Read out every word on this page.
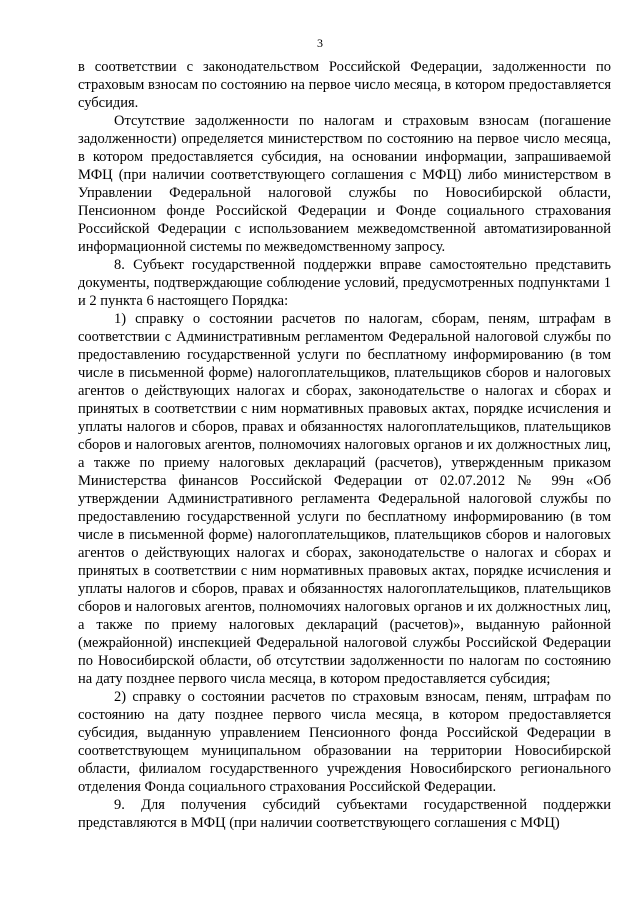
3

в соответствии с законодательством Российской Федерации, задолженности по страховым взносам по состоянию на первое число месяца, в котором предоставляется субсидия.

Отсутствие задолженности по налогам и страховым взносам (погашение задолженности) определяется министерством по состоянию на первое число месяца, в котором предоставляется субсидия, на основании информации, запрашиваемой МФЦ (при наличии соответствующего соглашения с МФЦ) либо министерством в Управлении Федеральной налоговой службы по Новосибирской области, Пенсионном фонде Российской Федерации и Фонде социального страхования Российской Федерации с использованием межведомственной автоматизированной информационной системы по межведомственному запросу.

8. Субъект государственной поддержки вправе самостоятельно представить документы, подтверждающие соблюдение условий, предусмотренных подпунктами 1 и 2 пункта 6 настоящего Порядка:

1) справку о состоянии расчетов по налогам, сборам, пеням, штрафам в соответствии с Административным регламентом Федеральной налоговой службы по предоставлению государственной услуги по бесплатному информированию (в том числе в письменной форме) налогоплательщиков, плательщиков сборов и налоговых агентов о действующих налогах и сборах, законодательстве о налогах и сборах и принятых в соответствии с ним нормативных правовых актах, порядке исчисления и уплаты налогов и сборов, правах и обязанностях налогоплательщиков, плательщиков сборов и налоговых агентов, полномочиях налоговых органов и их должностных лиц, а также по приему налоговых деклараций (расчетов), утвержденным приказом Министерства финансов Российской Федерации от 02.07.2012 № 99н «Об утверждении Административного регламента Федеральной налоговой службы по предоставлению государственной услуги по бесплатному информированию (в том числе в письменной форме) налогоплательщиков, плательщиков сборов и налоговых агентов о действующих налогах и сборах, законодательстве о налогах и сборах и принятых в соответствии с ним нормативных правовых актах, порядке исчисления и уплаты налогов и сборов, правах и обязанностях налогоплательщиков, плательщиков сборов и налоговых агентов, полномочиях налоговых органов и их должностных лиц, а также по приему налоговых деклараций (расчетов)», выданную районной (межрайонной) инспекцией Федеральной налоговой службы Российской Федерации по Новосибирской области, об отсутствии задолженности по налогам по состоянию на дату позднее первого числа месяца, в котором предоставляется субсидия;

2) справку о состоянии расчетов по страховым взносам, пеням, штрафам по состоянию на дату позднее первого числа месяца, в котором предоставляется субсидия, выданную управлением Пенсионного фонда Российской Федерации в соответствующем муниципальном образовании на территории Новосибирской области, филиалом государственного учреждения Новосибирского регионального отделения Фонда социального страхования Российской Федерации.

9. Для получения субсидий субъектами государственной поддержки представляются в МФЦ (при наличии соответствующего соглашения с МФЦ)
